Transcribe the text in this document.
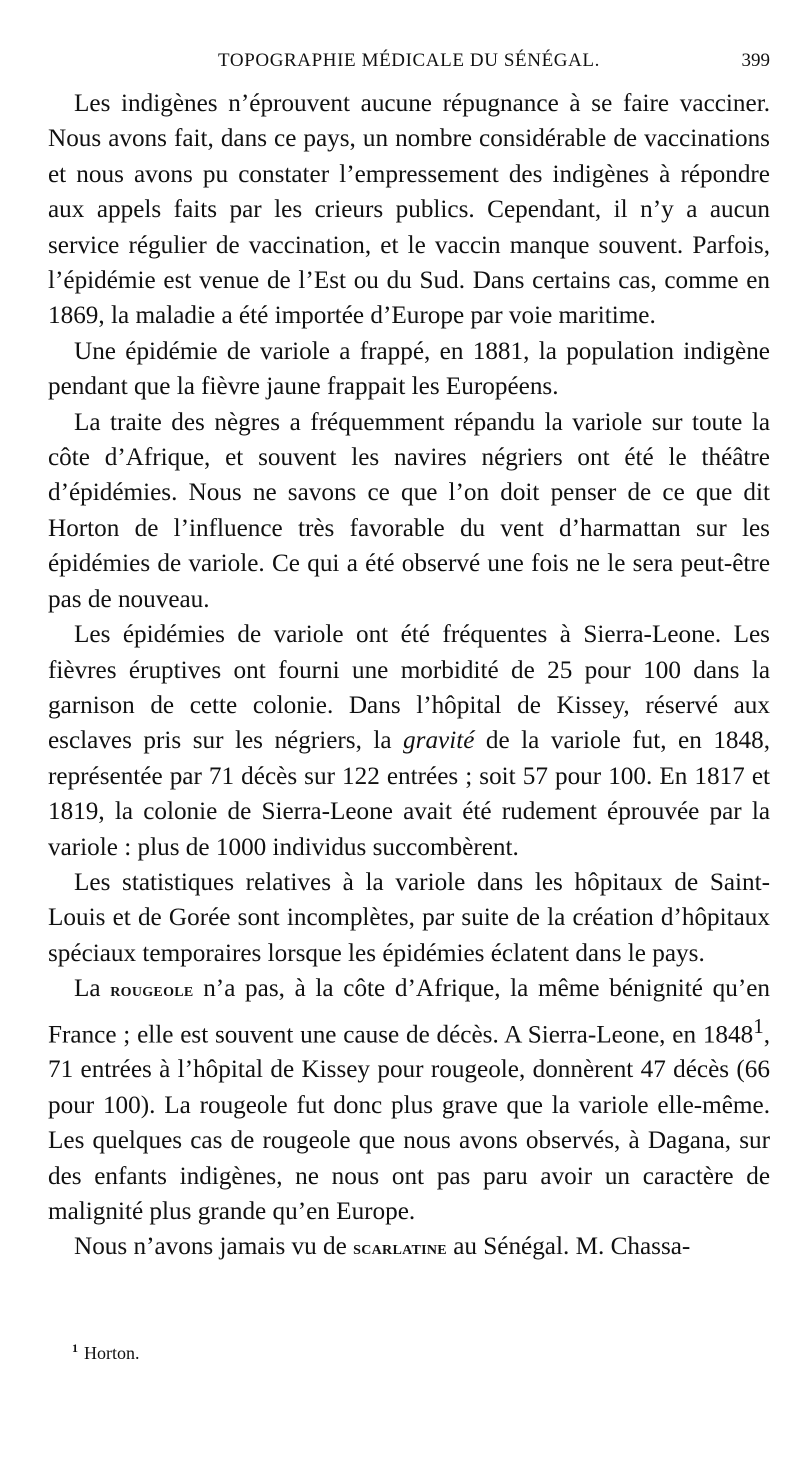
TOPOGRAPHIE MÉDICALE DU SÉNÉGAL.	399

Les indigènes n’éprouvent aucune répugnance à se faire vacciner. Nous avons fait, dans ce pays, un nombre considérable de vaccinations et nous avons pu constater l’empressement des indigènes à répondre aux appels faits par les crieurs publics. Cependant, il n’y a aucun service régulier de vaccination, et le vaccin manque souvent. Parfois, l’épidémie est venue de l’Est ou du Sud. Dans certains cas, comme en 1869, la maladie a été importée d’Europe par voie maritime.

Une épidémie de variole a frappé, en 1881, la population indigène pendant que la fièvre jaune frappait les Européens.

La traite des nègres a fréquemment répandu la variole sur toute la côte d’Afrique, et souvent les navires négriers ont été le théâtre d’épidémies. Nous ne savons ce que l’on doit penser de ce que dit Horton de l’influence très favorable du vent d’harmattan sur les épidémies de variole. Ce qui a été observé une fois ne le sera peut-être pas de nouveau.

Les épidémies de variole ont été fréquentes à Sierra-Leone. Les fièvres éruptives ont fourni une morbidité de 25 pour 100 dans la garnison de cette colonie. Dans l’hôpital de Kissey, réservé aux esclaves pris sur les négriers, la gravité de la variole fut, en 1848, représentée par 71 décès sur 122 entrées ; soit 57 pour 100. En 1817 et 1819, la colonie de Sierra-Leone avait été rudement éprouvée par la variole : plus de 1000 individus succombèrent.

Les statistiques relatives à la variole dans les hôpitaux de Saint-Louis et de Gorée sont incomplètes, par suite de la création d’hôpitaux spéciaux temporaires lorsque les épidémies éclatent dans le pays.

La rougeole n’a pas, à la côte d’Afrique, la même bénignité qu’en France ; elle est souvent une cause de décès. A Sierra-Leone, en 1848$^1$, 71 entrées à l’hôpital de Kissey pour rougeole, donnèrent 47 décès (66 pour 100). La rougeole fut donc plus grave que la variole elle-même. Les quelques cas de rougeole que nous avons observés, à Dagana, sur des enfants indigènes, ne nous ont pas paru avoir un caractère de malignité plus grande qu’en Europe.

Nous n’avons jamais vu de scarlatine au Sénégal. M. Chassa-

$^1$ Horton.
